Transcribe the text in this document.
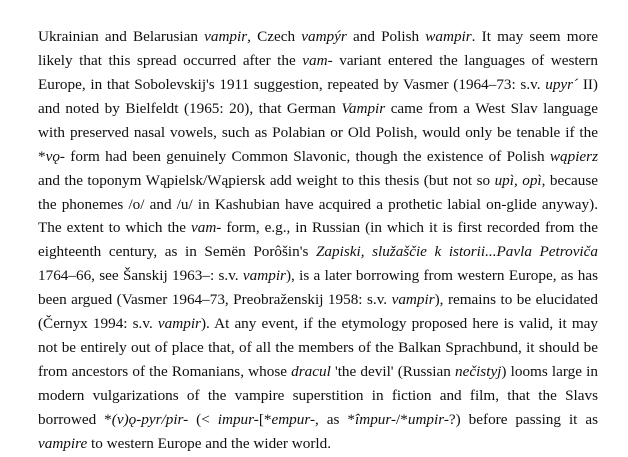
Ukrainian and Belarusian vampir, Czech vampýr and Polish wampir. It may seem more likely that this spread occurred after the vam- variant entered the languages of western Europe, in that Sobolevskij's 1911 suggestion, repeated by Vasmer (1964–73: s.v. upyr´ II) and noted by Bielfeldt (1965: 20), that German Vampir came from a West Slav language with preserved nasal vowels, such as Polabian or Old Polish, would only be tenable if the *vǫ- form had been genuinely Common Slavonic, though the existence of Polish wąpierz and the toponym Wąpielsk/Wąpiersk add weight to this thesis (but not so upì, opì, because the phonemes /o/ and /u/ in Kashubian have acquired a prothetic labial on-glide anyway). The extent to which the vam- form, e.g., in Russian (in which it is first recorded from the eighteenth century, as in Semën Porôšin's Zapiski, služaščie k istorii...Pavla Petroviča 1764–66, see Šanskij 1963–: s.v. vampir), is a later borrowing from western Europe, as has been argued (Vasmer 1964–73, Preobraženskij 1958: s.v. vampir), remains to be elucidated (Černyx 1994: s.v. vampir). At any event, if the etymology proposed here is valid, it may not be entirely out of place that, of all the members of the Balkan Sprachbund, it should be from ancestors of the Romanians, whose dracul 'the devil' (Russian nečistyj) looms large in modern vulgarizations of the vampire superstition in fiction and film, that the Slavs borrowed *(v)ǫ-pyr/pir- (< impur-[*empur-, as *împur-/*umpir-?) before passing it as vampire to western Europe and the wider world.
